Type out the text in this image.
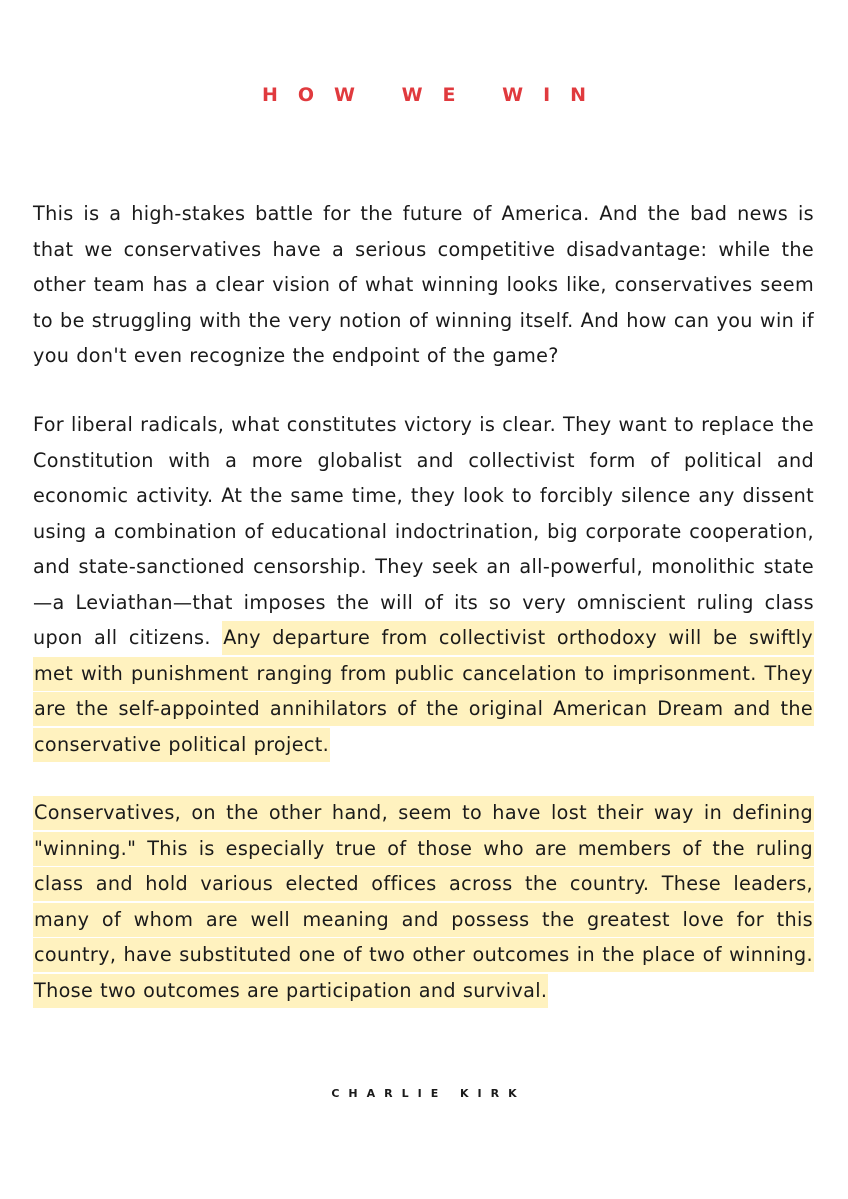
HOW WE WIN
This is a high-stakes battle for the future of America. And the bad news is that we conservatives have a serious competitive disadvantage: while the other team has a clear vision of what winning looks like, conservatives seem to be struggling with the very notion of winning itself. And how can you win if you don't even recognize the endpoint of the game?
For liberal radicals, what constitutes victory is clear. They want to replace the Constitution with a more globalist and collectivist form of political and economic activity. At the same time, they look to forcibly silence any dissent using a combination of educational indoctrination, big corporate cooperation, and state-sanctioned censorship. They seek an all-powerful, monolithic state—a Leviathan—that imposes the will of its so very omniscient ruling class upon all citizens. Any departure from collectivist orthodoxy will be swiftly met with punishment ranging from public cancelation to imprisonment. They are the self-appointed annihilators of the original American Dream and the conservative political project.
Conservatives, on the other hand, seem to have lost their way in defining "winning." This is especially true of those who are members of the ruling class and hold various elected offices across the country. These leaders, many of whom are well meaning and possess the greatest love for this country, have substituted one of two other outcomes in the place of winning. Those two outcomes are participation and survival.
CHARLIE KIRK
